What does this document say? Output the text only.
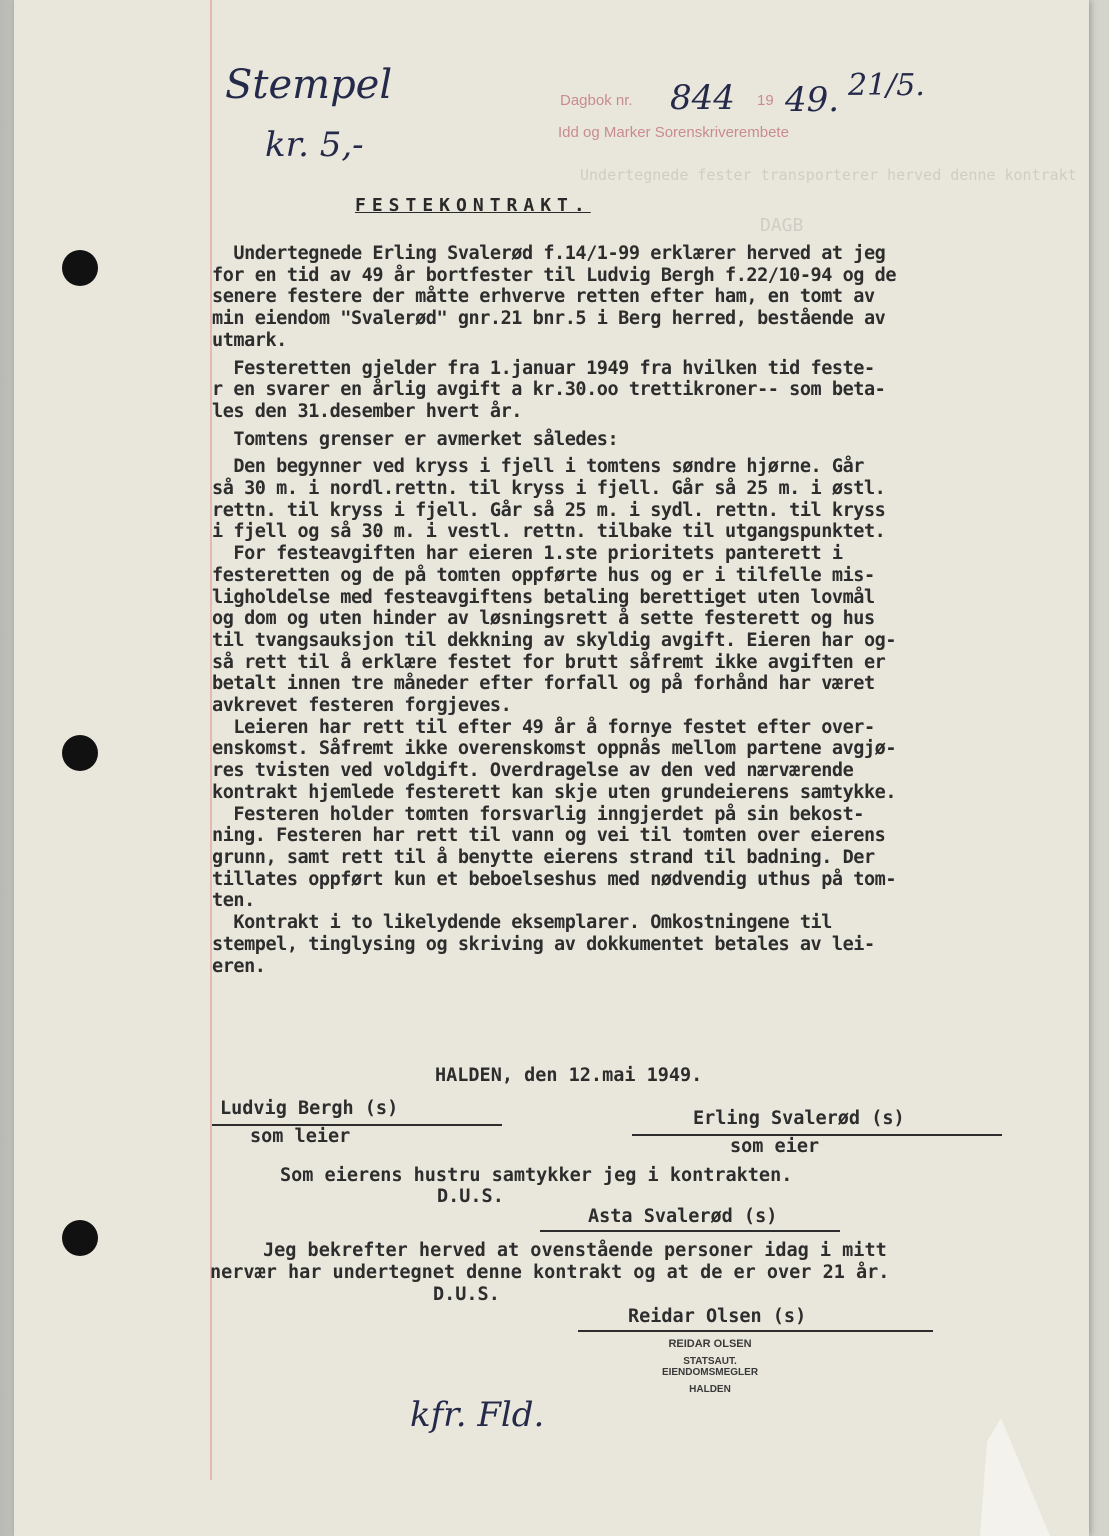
Stempel
kr. 5,-
Dagbok nr.	19
Idd og Marker Sorenskriverembete
844 49. 21/5.
Undertegnede fester transporterer herved denne kontrakt
DAGB
FESTEKONTRAKT.
Undertegnede Erling Svalerød f.14/1-99 erklærer herved at jeg
for en tid av 49 år bortfester til Ludvig Bergh f.22/10-94 og de
senere festere der måtte erhverve retten efter ham, en tomt av
min eiendom "Svalerød" gnr.21 bnr.5 i Berg herred, bestående av
utmark.

Festeretten gjelder fra 1.januar 1949 fra hvilken tid feste-
r en svarer en årlig avgift a kr.30.oo trettikroner-- som beta-
les den 31.desember hvert år.

Tomtens grenser er avmerket således:

Den begynner ved kryss i fjell i tomtens søndre hjørne. Går
så 30 m. i nordl.rettn. til kryss i fjell. Går så 25 m. i østl.
rettn. til kryss i fjell. Går så 25 m. i sydl. rettn. til kryss
i fjell og så 30 m. i vestl. rettn. tilbake til utgangspunktet.
For festeavgiften har eieren 1.ste prioritets panterett i
festeretten og de på tomten oppførte hus og er i tilfelle mis-
ligholdelse med festeavgiftens betaling berettiget uten lovmål
og dom og uten hinder av løsningsrett å sette festerett og hus
til tvangsauksjon til dekkning av skyldig avgift. Eieren har og-
så rett til å erklære festet for brutt såfremt ikke avgiften er
betalt innen tre måneder efter forfall og på forhånd har været
avkrevet festeren forgjeves.
Leieren har rett til efter 49 år å fornye festet efter over-
enskomst. Såfremt ikke overenskomst oppnås mellom partene avgjø-
res tvisten ved voldgift. Overdragelse av den ved nærværende
kontrakt hjemlede festerett kan skje uten grundeierens samtykke.
Festeren holder tomten forsvarlig inngjerdet på sin bekost-
ning. Festeren har rett til vann og vei til tomten over eierens
grunn, samt rett til å benytte eierens strand til badning. Der
tillates oppført kun et beboelseshus med nødvendig uthus på tom-
ten.
Kontrakt i to likelydende eksemplarer. Omkostningene til
stempel, tinglysing og skriving av dokkumentet betales av lei-
eren.
HALDEN, den 12.mai 1949.
Ludvig Bergh (s)
som leier
Erling Svalerød (s)
som eier
Som eierens hustru samtykker jeg i kontrakten.
D.U.S.
Asta Svalerød (s)
Jeg bekrefter herved at ovenstående personer idag i mitt
nervær har undertegnet denne kontrakt og at de er over 21 år.
D.U.S.
Reidar Olsen (s)
REIDAR OLSEN
STATSAUT. EIENDOMSMEGLER
HALDEN
kfr. Fld.
